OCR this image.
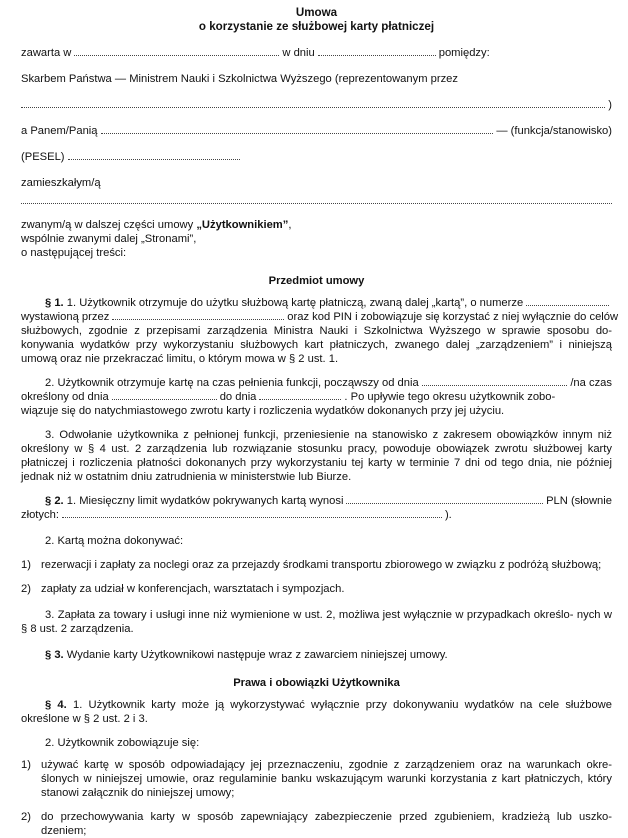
Umowa
o korzystanie ze służbowej karty płatniczej
zawarta w	w dniu	pomiędzy:
Skarbem Państwa — Ministrem Nauki i Szkolnictwa Wyższego (reprezentowanym przez
)
a Panem/Panią	— (funkcja/stanowisko)
(PESEL)
zamieszkałym/ą
zwanym/ą w dalszej części umowy „Użytkownikiem”,
wspólnie zwanymi dalej „Stronami”,
o następującej treści:
Przedmiot umowy
§ 1.
1. Użytkownik otrzymuje do użytku służbową kartę płatniczą, zwaną dalej „kartą”, o numerze
wystawioną przez	oraz kod PIN i zobowiązuje się korzystać z niej wyłącznie do celów
służbowych, zgodnie z przepisami zarządzenia Ministra Nauki i Szkolnictwa Wyższego w sprawie sposobu do- konywania wydatków przy wykorzystaniu służbowych kart płatniczych, zwanego dalej „zarządzeniem” i niniejszą umową oraz nie przekraczać limitu, o którym mowa w § 2 ust. 1.
2. Użytkownik otrzymuje kartę na czas pełnienia funkcji, począwszy od dnia	/na czas
określony od dnia	do dnia	. Po upływie tego okresu użytkownik zobo-
wiązuje się do natychmiastowego zwrotu karty i rozliczenia wydatków dokonanych przy jej użyciu.
3. Odwołanie użytkownika z pełnionej funkcji, przeniesienie na stanowisko z zakresem obowiązków innym niż określony w § 4 ust. 2 zarządzenia lub rozwiązanie stosunku pracy, powoduje obowiązek zwrotu służbowej karty płatniczej i rozliczenia płatności dokonanych przy wykorzystaniu tej karty w terminie 7 dni od tego dnia, nie później jednak niż w ostatnim dniu zatrudnienia w ministerstwie lub Biurze.
§ 2.
1. Miesięczny limit wydatków pokrywanych kartą wynosi	PLN (słownie
złotych:	).
2. Kartą można dokonywać:
1) rezerwacji i zapłaty za noclegi oraz za przejazdy środkami transportu zbiorowego w związku z podróżą służbową;
2) zapłaty za udział w konferencjach, warsztatach i sympozjach.
3. Zapłata za towary i usługi inne niż wymienione w ust. 2, możliwa jest wyłącznie w przypadkach określo- nych w § 8 ust. 2 zarządzenia.
§ 3. Wydanie karty Użytkownikowi następuje wraz z zawarciem niniejszej umowy.
Prawa i obowiązki Użytkownika
§ 4. 1. Użytkownik karty może ją wykorzystywać wyłącznie przy dokonywaniu wydatków na cele służbowe określone w § 2 ust. 2 i 3.
2. Użytkownik zobowiązuje się:
1) używać kartę w sposób odpowiadający jej przeznaczeniu, zgodnie z zarządzeniem oraz na warunkach okre- ślonych w niniejszej umowie, oraz regulaminie banku wskazującym warunki korzystania z kart płatniczych, który stanowi załącznik do niniejszej umowy;
2) do przechowywania karty w sposób zapewniający zabezpieczenie przed zgubieniem, kradzieżą lub uszko- dzeniem;
